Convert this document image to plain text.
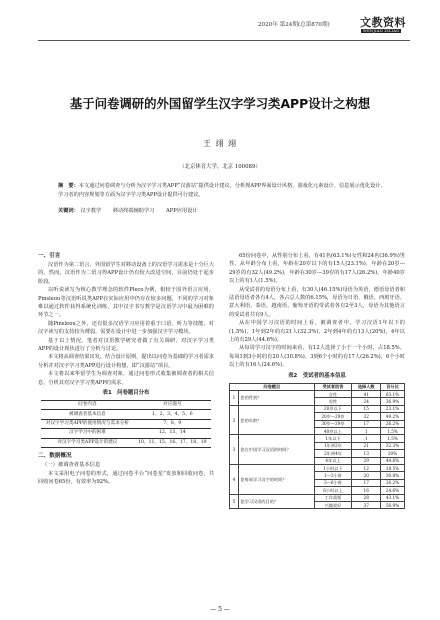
2020年 第24期(总第870期)	文教资料
WENJIAO ZILIAO
基于问卷调研的外国留学生汉字学习类APP设计之构想
王 翊 翊
（北京体育大学，北京 100089）
摘　要：本文通过问卷调查与分析为汉字学习类APP“汉游站”提供设计建议。分析现APP界面设计风格、游戏化元素设计、信息展示优化设计、学习者的内容规划等方面为汉字学习类APP设计提供可行建议。
关键词： 汉字教学 移动终端辅助学习 APP应用设计

一、引言

汉语作为第二语言，外国留学生对移动设备上的汉语学习需求是十分巨大的。然而，汉语作为二语习得APP设计仍有较大改进空间，目前仍处于起步阶段。

以听说读写为核心教学理念的软件Pleco为例，相较于国外语言应用，Pinsleou等汉语听说类APP在实际应用中仍存在较多问题，不同的学习对象难以通过软件获得系统化训练，其中汉字书写教学是汉语学习中最为困难的环节之一。

随Pinsleou之外，还有很多汉语学习应用着重于口语、听力等技能，对汉字读写的支持较为薄弱，需要在设计中进一步加强汉字学习模块。

基于以上情况，笔者对汉语教学研究者做了有关调研，对汉字学习类APP的设计现状进行了分析与讨论。

本文将从调查结果出发，结合设计原则，提出以问卷为基础的学习者需求分析并对汉字学习类APP进行设计构想，即“汉游站”项目。

本文将以来华留学生为调查对象，通过问卷形式收集被调查者的相关信息，分析其对汉字学习类APP的需求。

表1　问卷题目分布
问卷内容	对应题号
被调查者基本信息	1、2、3、4、5、6
对汉字学习类APP的使用情况与需求分析	7、8、9
汉字学习中的困难	12、13、14
对汉字学习类APP设计的建议	10、11、15、16、17、18、19

二、数据概况

（一）被调查者基本信息

本文采用电子问卷的形式，通过问卷平台“问卷星”发放和回收问卷，共回收问卷65份，有效率为92%。

65份问卷中，从性别分布上看，有41名(63.1%)女性和24名(36.9%)男性。从年龄分布上看，年龄在20岁以下的有15人(23.1%)，年龄在20岁—29岁的有32人(49.2%)，年龄在30岁—39岁的有17人(26.2%)，年龄40岁以上的有1人(1.5%)。

从受试者的母语分布上看，有30人(46.15%)母语为英语，德语母语者和法语母语者各有4人，各占总人数的6.15%，母语为日语、俄语、西班牙语、意大利语、泰语、越南语、葡萄牙语的受试者各有2至3人，母语为其他语言的受试者共有9人。

从在中国学习汉语的时间上看，被调查者中，学习汉语1年以下的(1.5%)，1年到2年的有21人(32.3%)，2年到4年的有13人(20%)，4年以上的有29人(44.6%)。

从每周学习汉字的时间来看，有12人选择了小于一个小时，占18.5%。每周1到3小时的有20人(30.8%)，3到6个小时的有17人(26.2%)，6个小时以上的有16人(24.6%)。

表2　受试者的基本信息
问卷题目		受试者回答	选择人数	百分比
1	您的性别？	女性	41	63.1%
		男性	24	36.9%
2	您的年龄？	20岁以下	15	23.1%
		20岁—29岁	32	49.2%
		30岁—39岁	17	26.2%
		40岁以上	1	1.5%
3	您在中国学习汉语的时间？	1年以下	1	1.5%
		1年到2年	21	32.3%
		2年到4年	13	20%
		4年以上	29	44.6%
4	您每周学习汉字的时间？	1小时以下	12	18.5%
		1—3小时	20	30.8%
		3—6小时	17	26.2%
		6小时以上	16	24.6%
5	您学习汉语的目的？	工作需要	28	43.1%
		兴趣爱好	37	56.9%
— 5 —
